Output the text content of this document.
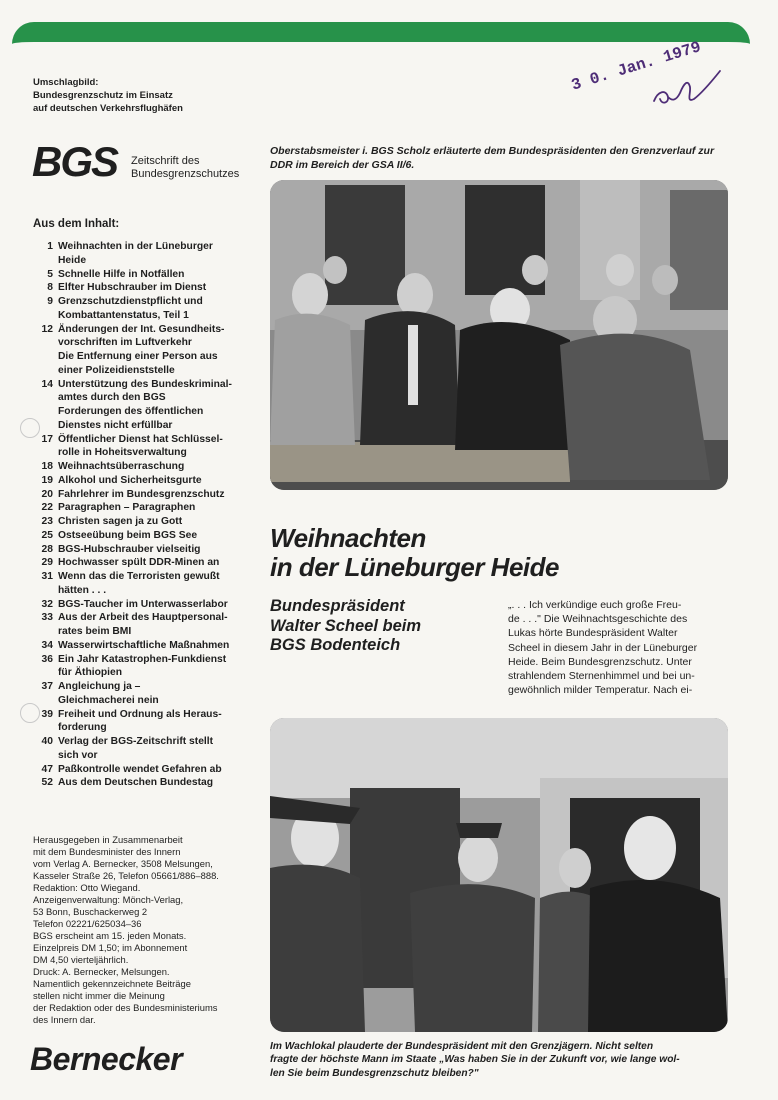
Umschlagbild:
Bundesgrenzschutz im Einsatz
auf deutschen Verkehrsflughäfen
3 0. Jan. 1979
BGS Zeitschrift des
Bundesgrenzschutzes
Aus dem Inhalt:
1 Weihnachten in der Lüneburger
Heide
5 Schnelle Hilfe in Notfällen
8 Elfter Hubschrauber im Dienst
9 Grenzschutzdienstpflicht und
Kombattantenstatus, Teil 1
12 Änderungen der Int. Gesundheits-
vorschriften im Luftverkehr
Die Entfernung einer Person aus
einer Polizeidienststelle
14 Unterstützung des Bundeskriminal-
amtes durch den BGS
Forderungen des öffentlichen
Dienstes nicht erfüllbar
17 Öffentlicher Dienst hat Schlüssel-
rolle in Hoheitsverwaltung
18 Weihnachtsüberraschung
19 Alkohol und Sicherheitsgurte
20 Fahrlehrer im Bundesgrenzschutz
22 Paragraphen – Paragraphen
23 Christen sagen ja zu Gott
25 Ostseeübung beim BGS See
28 BGS-Hubschrauber vielseitig
29 Hochwasser spült DDR-Minen an
31 Wenn das die Terroristen gewußt
hätten . . .
32 BGS-Taucher im Unterwasserlabor
33 Aus der Arbeit des Hauptpersonal-
rates beim BMI
34 Wasserwirtschaftliche Maßnahmen
36 Ein Jahr Katastrophen-Funkdienst
für Äthiopien
37 Angleichung ja –
Gleichmacherei nein
39 Freiheit und Ordnung als Heraus-
forderung
40 Verlag der BGS-Zeitschrift stellt
sich vor
47 Paßkontrolle wendet Gefahren ab
52 Aus dem Deutschen Bundestag
Herausgegeben in Zusammenarbeit
mit dem Bundesminister des Innern
vom Verlag A. Bernecker, 3508 Melsungen,
Kasseler Straße 26, Telefon 05661/886–888.
Redaktion: Otto Wiegand.
Anzeigenverwaltung: Mönch-Verlag,
53 Bonn, Buschackerweg 2
Telefon 02221/625034–36
BGS erscheint am 15. jeden Monats.
Einzelpreis DM 1,50; im Abonnement
DM 4,50 vierteljährlich.
Druck: A. Bernecker, Melsungen.
Namentlich gekennzeichnete Beiträge
stellen nicht immer die Meinung
der Redaktion oder des Bundesministeriums
des Innern dar.
Bernecker
Oberstabsmeister i. BGS Scholz erläuterte dem Bundespräsidenten den Grenzverlauf zur DDR im Bereich der GSA II/6.
Weihnachten
in der Lüneburger Heide
Bundespräsident
Walter Scheel beim
BGS Bodenteich
„. . . Ich verkündige euch große Freu-
de . . ." Die Weihnachtsgeschichte des
Lukas hörte Bundespräsident Walter
Scheel in diesem Jahr in der Lüneburger
Heide. Beim Bundesgrenzschutz. Unter
strahlendem Sternenhimmel und bei un-
gewöhnlich milder Temperatur. Nach ei-
Im Wachlokal plauderte der Bundespräsident mit den Grenzjägern. Nicht selten
fragte der höchste Mann im Staate „Was haben Sie in der Zukunft vor, wie lange wol-
len Sie beim Bundesgrenzschutz bleiben?"
